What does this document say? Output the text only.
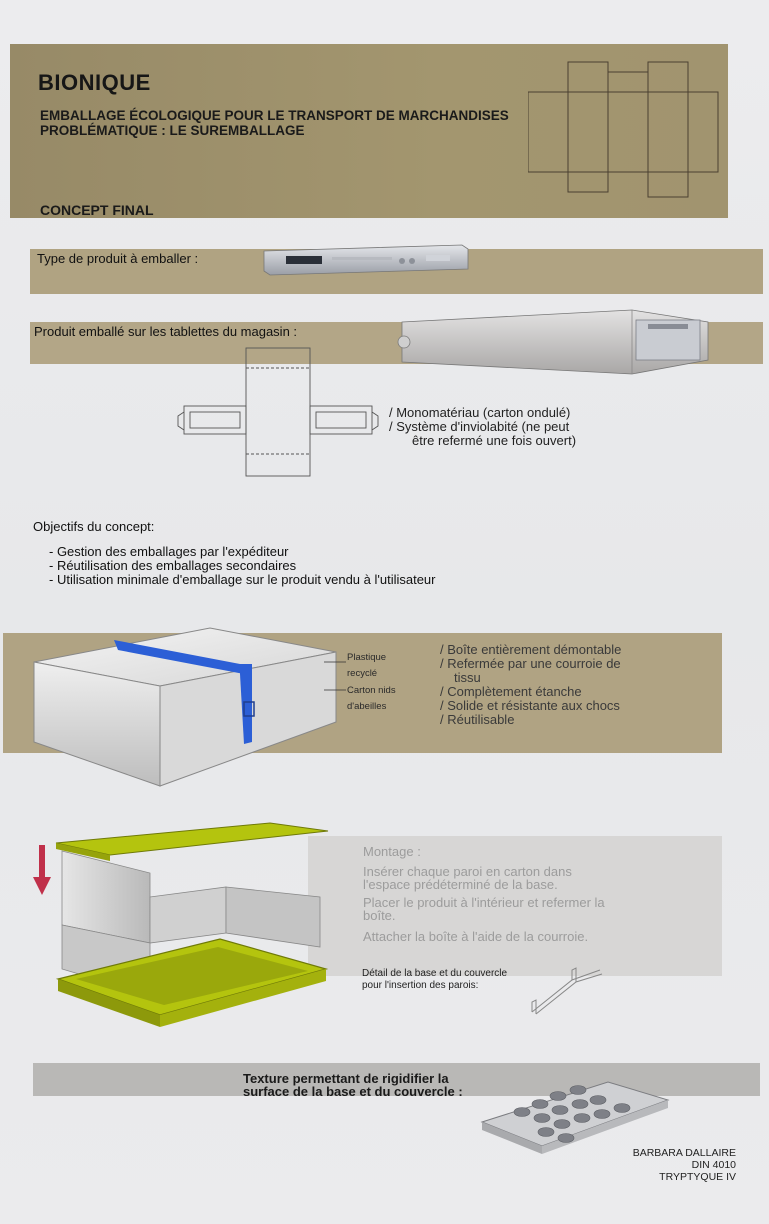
BIONIQUE
EMBALLAGE ÉCOLOGIQUE POUR LE TRANSPORT DE MARCHANDISES
PROBLÉMATIQUE : LE SUREMBALLAGE
CONCEPT FINAL
Type de produit à emballer :
Produit emballé sur les tablettes du magasin :
/ Monomatériau (carton ondulé)
/ Système d'inviolabité (ne peut
être refermé une fois ouvert)
Objectifs du concept:
- Gestion des emballages par l'expéditeur
- Réutilisation des emballages secondaires
- Utilisation minimale d'emballage sur le produit vendu à l'utilisateur
Plastique
recyclé
Carton nids
d'abeilles
/ Boîte entièrement démontable
/ Refermée par une courroie de
tissu
/ Complètement étanche
/ Solide et résistante aux chocs
/ Réutilisable
Montage :
Insérer chaque paroi en carton dans
l'espace prédéterminé de la base.
Placer le produit à l'intérieur et refermer la
boîte.
Attacher la boîte à l'aide de la courroie.
Détail de la base et du couvercle
pour l'insertion des parois:
Texture permettant de rigidifier la
surface de la base et du couvercle :
BARBARA DALLAIRE
DIN 4010
TRYPTYQUE IV
